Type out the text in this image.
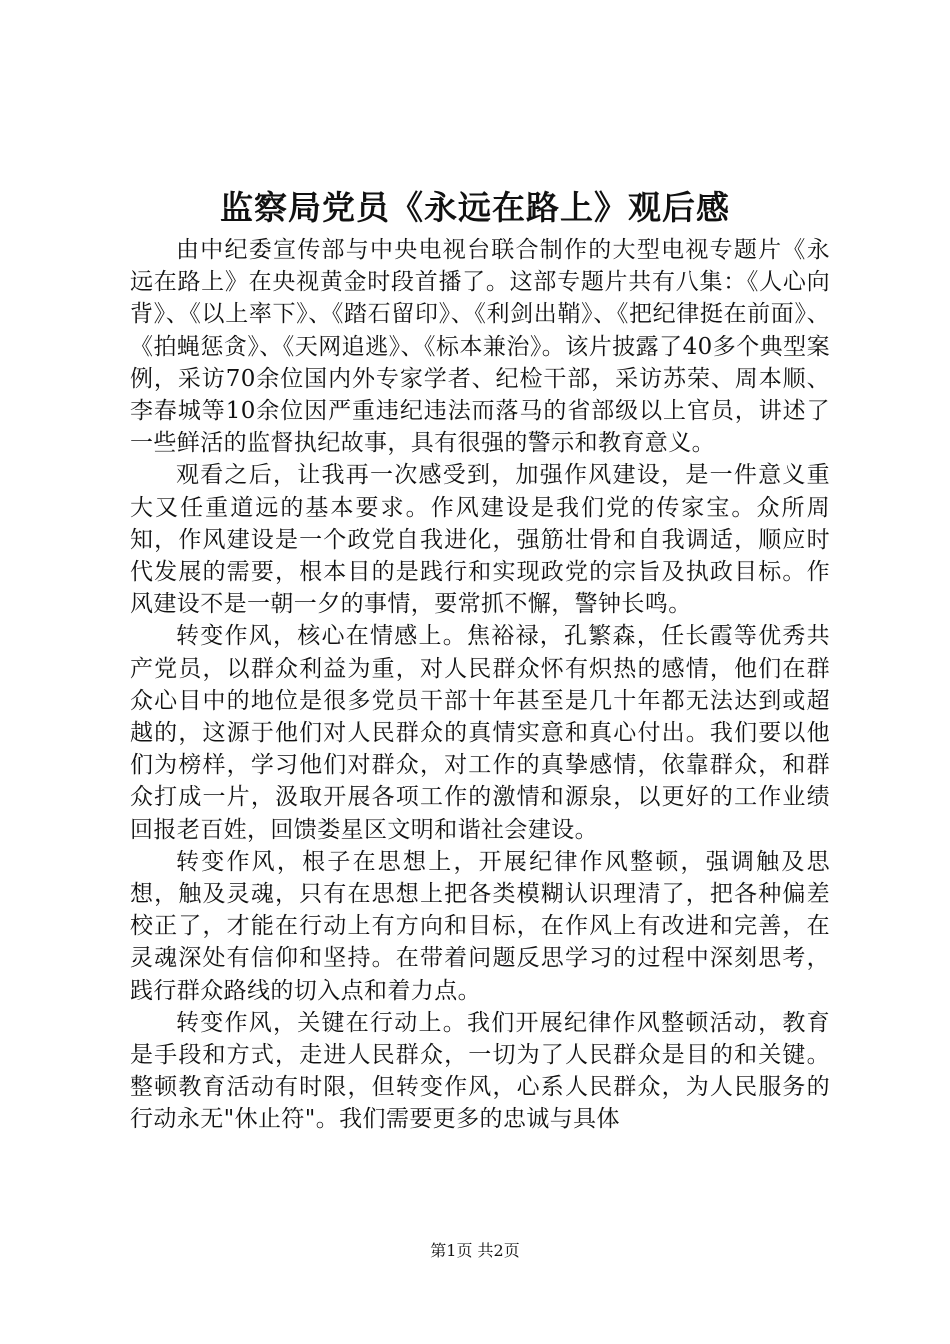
监察局党员《永远在路上》观后感

由中纪委宣传部与中央电视台联合制作的大型电视专题片《永远在路上》在央视黄金时段首播了。这部专题片共有八集：《人心向背》、《以上率下》、《踏石留印》、《利剑出鞘》、《把纪律挺在前面》、《拍蝇惩贪》、《天网追逃》、《标本兼治》。该片披露了40多个典型案例，采访70余位国内外专家学者、纪检干部，采访苏荣、周本顺、李春城等10余位因严重违纪违法而落马的省部级以上官员，讲述了一些鲜活的监督执纪故事，具有很强的警示和教育意义。

观看之后，让我再一次感受到，加强作风建设，是一件意义重大又任重道远的基本要求。作风建设是我们党的传家宝。众所周知，作风建设是一个政党自我进化，强筋壮骨和自我调适，顺应时代发展的需要，根本目的是践行和实现政党的宗旨及执政目标。作风建设不是一朝一夕的事情，要常抓不懈，警钟长鸣。

转变作风，核心在情感上。焦裕禄，孔繁森，任长霞等优秀共产党员，以群众利益为重，对人民群众怀有炽热的感情，他们在群众心目中的地位是很多党员干部十年甚至是几十年都无法达到或超越的，这源于他们对人民群众的真情实意和真心付出。我们要以他们为榜样，学习他们对群众，对工作的真挚感情，依靠群众，和群众打成一片，汲取开展各项工作的激情和源泉，以更好的工作业绩回报老百姓，回馈娄星区文明和谐社会建设。

转变作风，根子在思想上，开展纪律作风整顿，强调触及思想，触及灵魂，只有在思想上把各类模糊认识理清了，把各种偏差校正了，才能在行动上有方向和目标，在作风上有改进和完善，在灵魂深处有信仰和坚持。在带着问题反思学习的过程中深刻思考，践行群众路线的切入点和着力点。

转变作风，关键在行动上。我们开展纪律作风整顿活动，教育是手段和方式，走进人民群众，一切为了人民群众是目的和关键。整顿教育活动有时限，但转变作风，心系人民群众，为人民服务的行动永无"休止符"。我们需要更多的忠诚与具体

第1页 共2页
